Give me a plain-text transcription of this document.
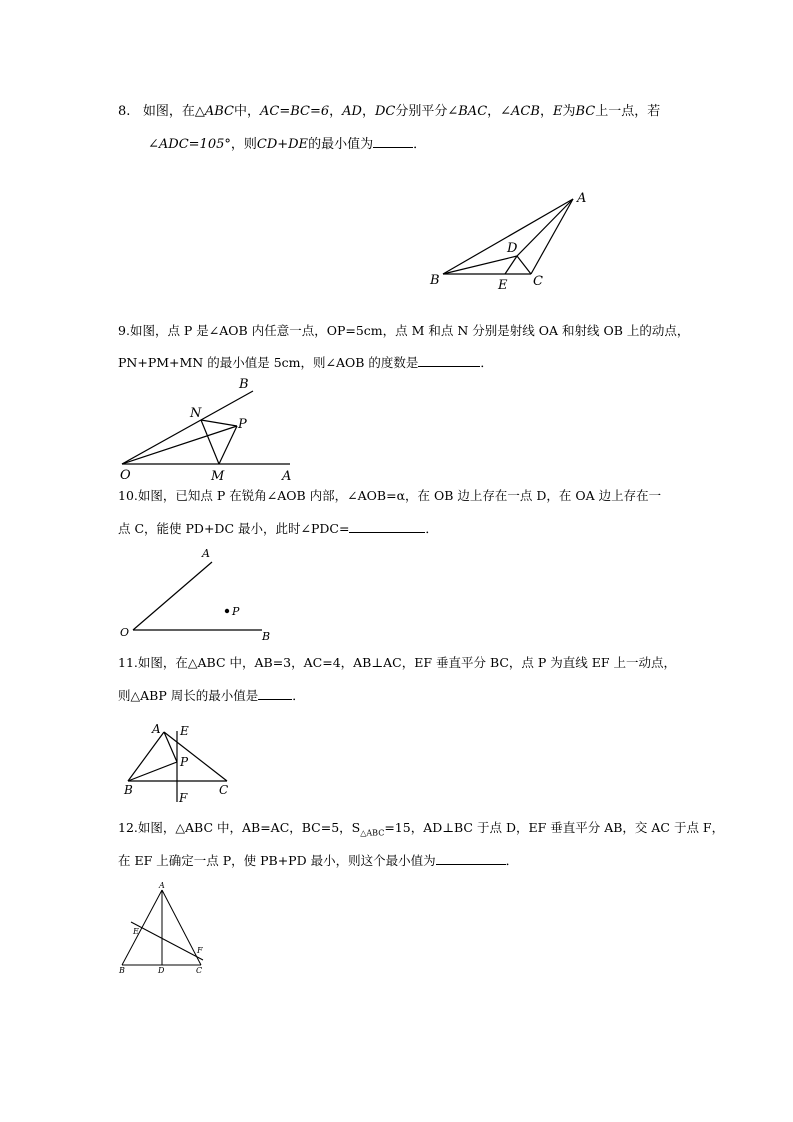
8. 如图，在△ABC中，AC=BC=6，AD，DC分别平分∠BAC，∠ACB，E为BC上一点，若
∠ADC=105°，则CD+DE的最小值为	．
A
B	C
D
E
9.如图，点 P 是∠AOB 内任意一点，OP=5cm，点 M 和点 N 分别是射线 OA 和射线 OB 上的动点，
PN+PM+MN 的最小值是 5cm，则∠AOB 的度数是	．
O	A
B
M
N
P
10.如图，已知点 P 在锐角∠AOB 内部，∠AOB=α，在 OB 边上存在一点 D，在 OA 边上存在一
点 C，能使 PD+DC 最小，此时∠PDC=	．
O
A
B
P
11.如图，在△ABC 中，AB=3，AC=4，AB⊥AC，EF 垂直平分 BC，点 P 为直线 EF 上一动点，
则△ABP 周长的最小值是	．
A E
P
B	C
F
12.如图，△ABC 中，AB=AC，BC=5，$S_{\triangle ABC}=15$，AD⊥BC 于点 D，EF 垂直平分 AB，交 AC 于点 F，
在 EF 上确定一点 P，使 PB+PD 最小，则这个最小值为	．
A
E
F
B	D	C
